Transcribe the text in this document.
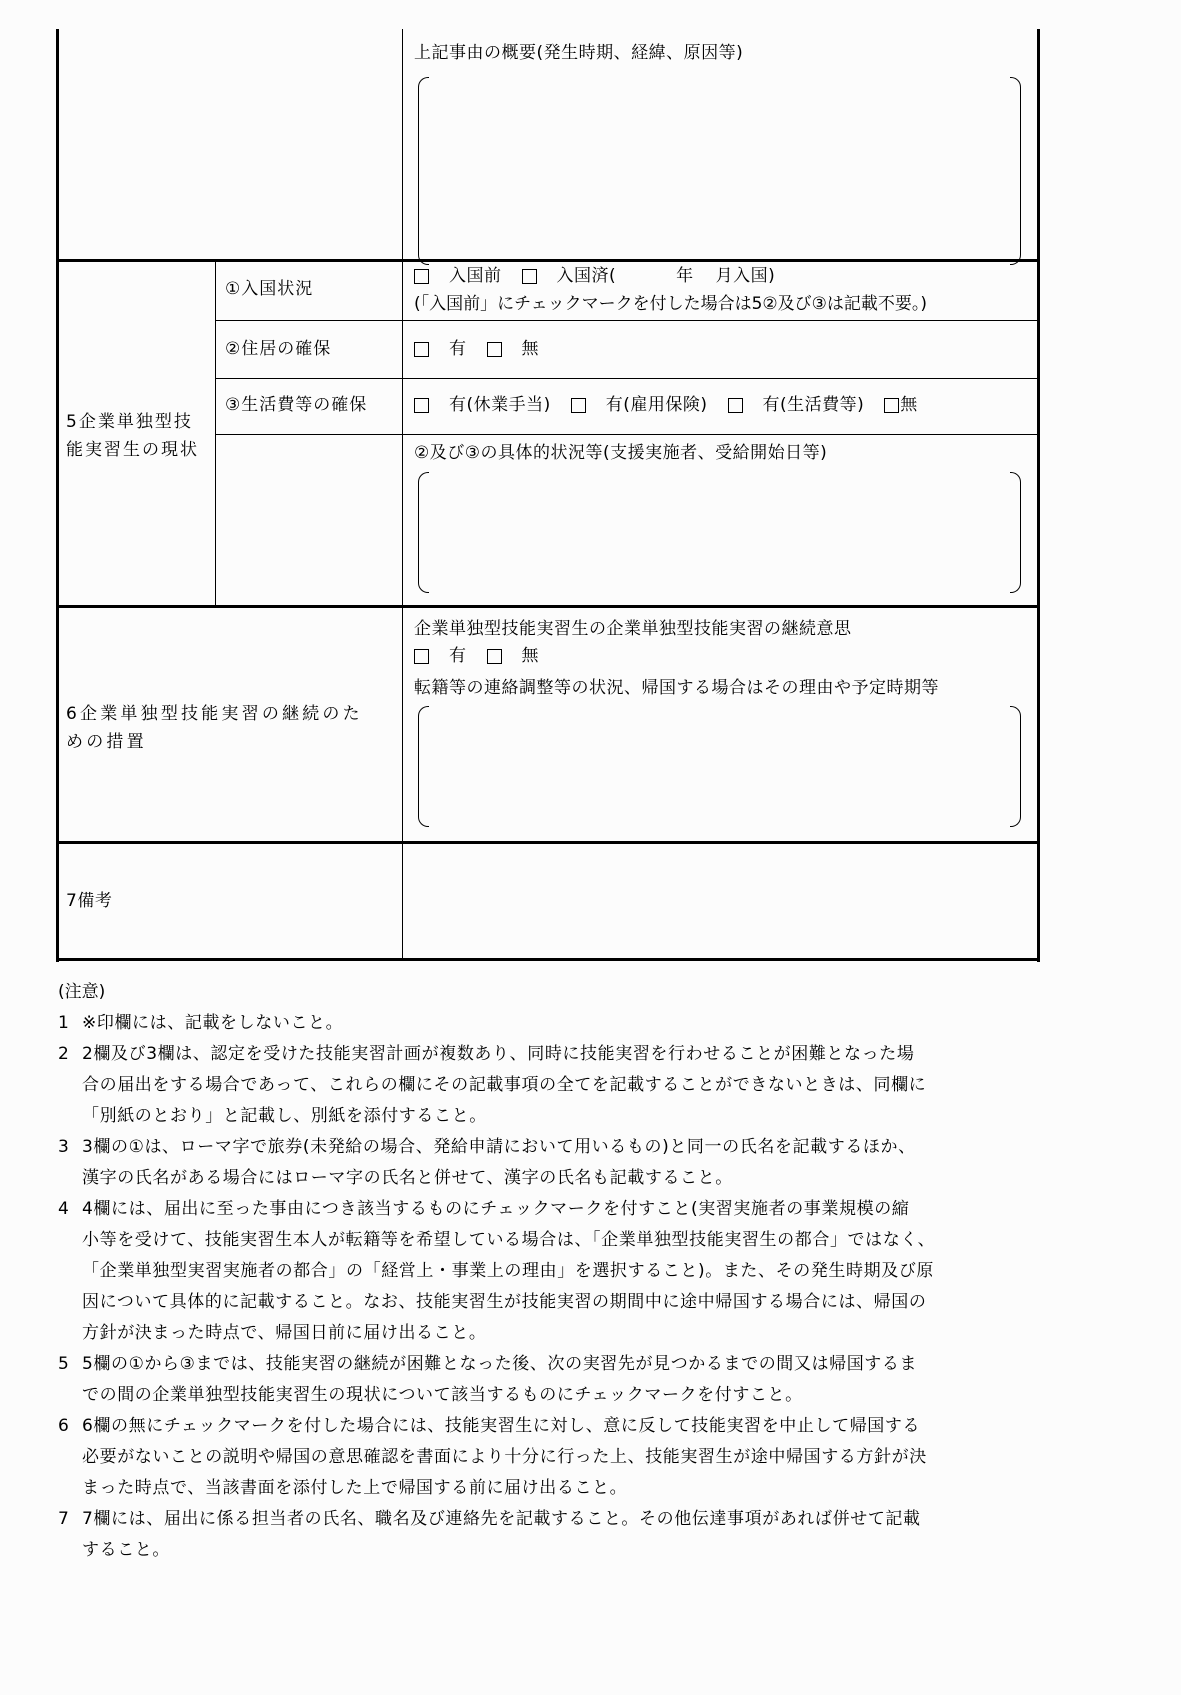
上記事由の概要(発生時期、経緯、原因等)
5企業単独型技
能実習生の現状
①入国状況
入国前	入国済(	年 月入国)
(「入国前」にチェックマークを付した場合は5②及び③は記載不要。)
②住居の確保	有	無
③生活費等の確保	有(休業手当)	有(雇用保険)	有(生活費等) 無
②及び③の具体的状況等(支援実施者、受給開始日等)
6企業単独型技能実習の継続のた
めの措置
企業単独型技能実習生の企業単独型技能実習の継続意思
有	無
転籍等の連絡調整等の状況、帰国する場合はその理由や予定時期等
7備考
(注意)
1 ※印欄には、記載をしないこと。
2 2欄及び3欄は、認定を受けた技能実習計画が複数あり、同時に技能実習を行わせることが困難となった場
合の届出をする場合であって、これらの欄にその記載事項の全てを記載することができないときは、同欄に
「別紙のとおり」と記載し、別紙を添付すること。
3 3欄の①は、ローマ字で旅券(未発給の場合、発給申請において用いるもの)と同一の氏名を記載するほか、
漢字の氏名がある場合にはローマ字の氏名と併せて、漢字の氏名も記載すること。
4 4欄には、届出に至った事由につき該当するものにチェックマークを付すこと(実習実施者の事業規模の縮
小等を受けて、技能実習生本人が転籍等を希望している場合は、「企業単独型技能実習生の都合」ではなく、
「企業単独型実習実施者の都合」の「経営上・事業上の理由」を選択すること)。また、その発生時期及び原
因について具体的に記載すること。なお、技能実習生が技能実習の期間中に途中帰国する場合には、帰国の
方針が決まった時点で、帰国日前に届け出ること。
5 5欄の①から③までは、技能実習の継続が困難となった後、次の実習先が見つかるまでの間又は帰国するま
での間の企業単独型技能実習生の現状について該当するものにチェックマークを付すこと。
6 6欄の無にチェックマークを付した場合には、技能実習生に対し、意に反して技能実習を中止して帰国する
必要がないことの説明や帰国の意思確認を書面により十分に行った上、技能実習生が途中帰国する方針が決
まった時点で、当該書面を添付した上で帰国する前に届け出ること。
7 7欄には、届出に係る担当者の氏名、職名及び連絡先を記載すること。その他伝達事項があれば併せて記載
すること。
